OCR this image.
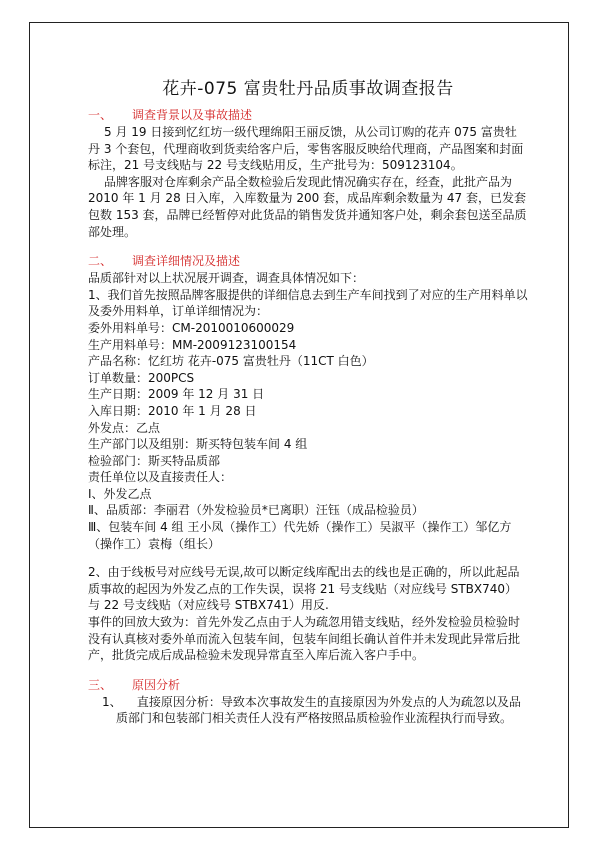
花卉-075 富贵牡丹品质事故调查报告
一、 调查背景以及事故描述

5 月 19 日接到忆红坊一级代理绵阳王丽反馈，从公司订购的花卉 075 富贵牡丹 3 个套包，代理商收到货卖给客户后，零售客服反映给代理商，产品图案和封面标注，21 号支线贴与 22 号支线贴用反，生产批号为：509123104。

品牌客服对仓库剩余产品全数检验后发现此情况确实存在，经查，此批产品为 2010 年 1 月 28 日入库，入库数量为 200 套，成品库剩余数量为 47 套，已发套包数 153 套，品牌已经暂停对此货品的销售发货并通知客户处，剩余套包送至品质部处理。

二、 调查详细情况及描述

品质部针对以上状况展开调查，调查具体情况如下：

1、我们首先按照品牌客服提供的详细信息去到生产车间找到了对应的生产用料单以及委外用料单，订单详细情况为：

委外用料单号：CM-2010010600029

生产用料单号：MM-2009123100154

产品名称：忆红坊 花卉-075 富贵牡丹（11CT 白色）

订单数量：200PCS

生产日期：2009 年 12 月 31 日

入库日期：2010 年 1 月 28 日

外发点：乙点

生产部门以及组别：斯买特包装车间 4 组

检验部门：斯买特品质部

责任单位以及直接责任人：

Ⅰ、外发乙点

Ⅱ、品质部：李丽君（外发检验员*已离职）汪钰（成品检验员）

Ⅲ、包装车间 4 组 王小凤（操作工）代先娇（操作工）吴淑平（操作工）邹亿方（操作工）袁梅（组长）

2、由于线板号对应线号无误,故可以断定线库配出去的线也是正确的，所以此起品质事故的起因为外发乙点的工作失误，误将 21 号支线贴（对应线号 STBX740）与 22 号支线贴（对应线号 STBX741）用反.

事件的回放大致为：首先外发乙点由于人为疏忽用错支线贴，经外发检验员检验时没有认真核对委外单而流入包装车间，包装车间组长确认首件并未发现此异常后批产，批货完成后成品检验未发现异常直至入库后流入客户手中。

三、 原因分析

1、    直接原因分析：导致本次事故发生的直接原因为外发点的人为疏忽以及品质部门和包装部门相关责任人没有严格按照品质检验作业流程执行而导致。
